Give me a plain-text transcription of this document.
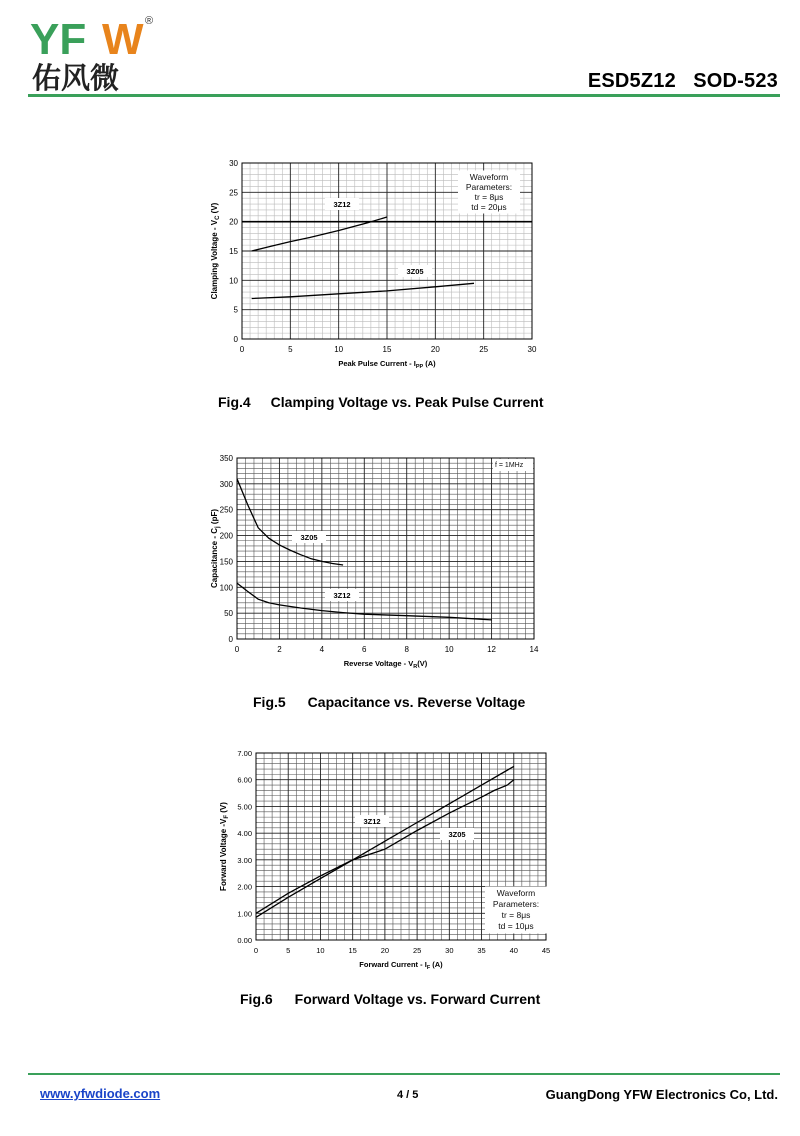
YF W ®
佑风微	ESD5Z12 SOD-523
0	5	10	15	20	25	30
0
5
10
15
20
25
30
Peak Pulse Current - $I_{PP}$ (A)
Clamping Voltage - $V_C$ (V)	3Z12
3Z05
Waveform
Parameters:
tr = 8μs
td = 20μs
Fig.4 Clamping Voltage vs. Peak Pulse Current
0	2	4	6	8	10	12	14
0
50
100
150
200
250
300
350
Reverse Voltage - $V_R(V)$
Capacitance - $C_j$ (pF)
3Z05
3Z12
f = 1MHz
Fig.5 Capacitance vs. Reverse Voltage
0	5	10	15	20	25	30	35	40	45
0.00
1.00
2.00
3.00
4.00
5.00
6.00
7.00
Forward Current - $I_F$ (A)
Forward Voltage $-V_F$ (V)
3Z12
3Z05
Waveform
Parameters:
tr = 8μs
td = 10μs
Fig.6 Forward Voltage vs. Forward Current
www.yfwdiode.com	4 / 5	GuangDong YFW Electronics Co, Ltd.
